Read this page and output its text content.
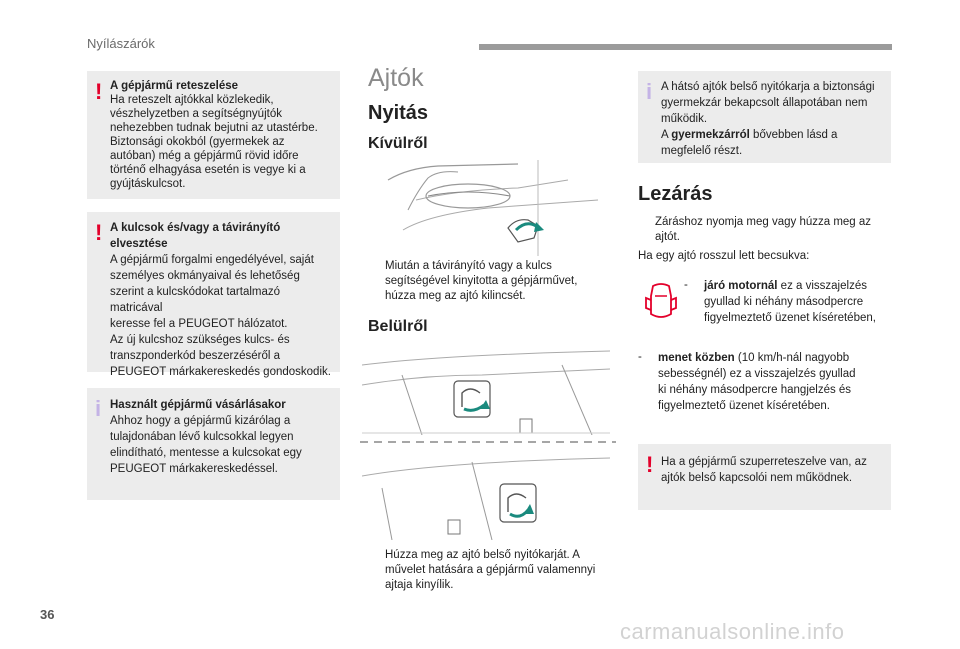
Nyílászárók
! A gépjármű reteszelése
Ha reteszelt ajtókkal közlekedik,
vészhelyzetben a segítségnyújtók
nehezebben tudnak bejutni az utastérbe.
Biztonsági okokból (gyermekek az
autóban) még a gépjármű rövid időre
történő elhagyása esetén is vegye ki a
gyújtáskulcsot.
! A kulcsok és/vagy a távirányító
elvesztése
A gépjármű forgalmi engedélyével, saját
személyes okmányaival és lehetőség
szerint a kulcskódokat tartalmazó matricával
keresse fel a PEUGEOT hálózatot.
Az új kulcshoz szükséges kulcs- és
transzponderkód beszerzéséről a
PEUGEOT márkakereskedés gondoskodik.
i Használt gépjármű vásárlásakor
Ahhoz hogy a gépjármű kizárólag a
tulajdonában lévő kulcsokkal legyen
elindítható, mentesse a kulcsokat egy
PEUGEOT márkakereskedéssel.
Ajtók
Nyitás
Kívülről
Miután a távirányító vagy a kulcs
segítségével kinyitotta a gépjárművet,
húzza meg az ajtó kilincsét.
Belülről
Húzza meg az ajtó belső nyitókarját. A
művelet hatására a gépjármű valamennyi
ajtaja kinyílik.
i A hátsó ajtók belső nyitókarja a biztonsági
gyermekzár bekapcsolt állapotában nem
működik.
A gyermekzárról bővebben lásd a
megfelelő részt.
Lezárás
Záráshoz nyomja meg vagy húzza meg az
ajtót.
Ha egy ajtó rosszul lett becsukva:
- járó motornál ez a visszajelzés
gyullad ki néhány másodpercre
figyelmeztető üzenet kíséretében,
- menet közben (10 km/h-nál nagyobb
sebességnél) ez a visszajelzés gyullad
ki néhány másodpercre hangjelzés és
figyelmeztető üzenet kíséretében.
! Ha a gépjármű szuperreteszelve van, az
ajtók belső kapcsolói nem működnek.
36
carmanualsonline.info
